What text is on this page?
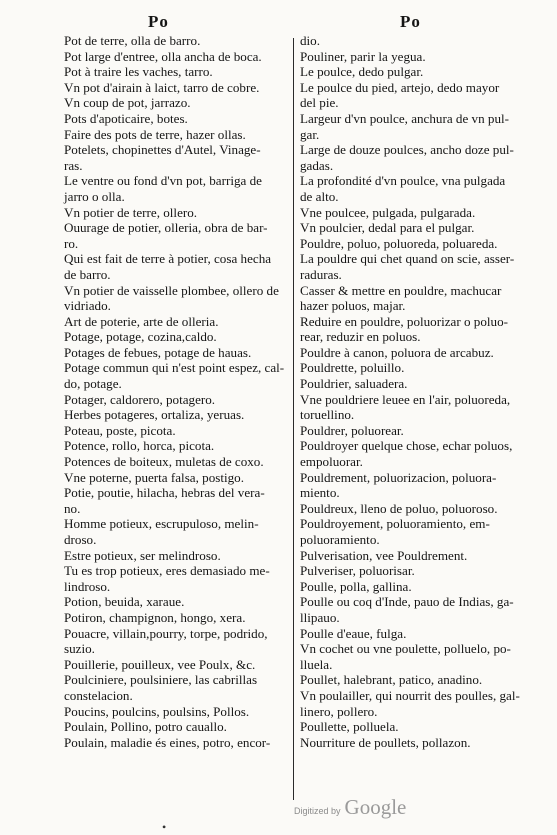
Po	Po
Pot de terre, olla de barro.
Pot large d'entree, olla ancha de boca.
Pot à traire les vaches, tarro.
Vn pot d'airain à laict, tarro de cobre.
Vn coup de pot, jarrazo.
Pots d'apoticaire, botes.
Faire des pots de terre, hazer ollas.
Potelets, chopinettes d'Autel, Vinage-
ras.
Le ventre ou fond d'vn pot, barriga de
jarro o olla.
Vn potier de terre, ollero.
Ouurage de potier, olleria, obra de bar-
ro.
Qui est fait de terre à potier, cosa hecha
de barro.
Vn potier de vaisselle plombee, ollero de
vidriado.
Art de poterie, arte de olleria.
Potage, potage, cozina,caldo.
Potages de febues, potage de hauas.
Potage commun qui n'est point espez, cal-
do, potage.
Potager, caldorero, potagero.
Herbes potageres, ortaliza, yeruas.
Poteau, poste, picota.
Potence, rollo, horca, picota.
Potences de boiteux, muletas de coxo.
Vne poterne, puerta falsa, postigo.
Potie, poutie, hilacha, hebras del vera-
no.
Homme potieux, escrupuloso, melin-
droso.
Estre potieux, ser melindroso.
Tu es trop potieux, eres demasiado me-
lindroso.
Potion, beuida, xaraue.
Potiron, champignon, hongo, xera.
Pouacre, villain,pourry, torpe, podrido,
suzio.
Pouillerie, pouilleux, vee Poulx, &c.
Poulciniere, poulsiniere, las cabrillas
constelacion.
Poucins, poulcins, poulsins, Pollos.
Poulain, Pollino, potro cauallo.
Poulain, maladie és eines, potro, encor-
dio.
Pouliner, parir la yegua.
Le poulce, dedo pulgar.
Le poulce du pied, artejo, dedo mayor
del pie.
Largeur d'vn poulce, anchura de vn pul-
gar.
Large de douze poulces, ancho doze pul-
gadas.
La profondité d'vn poulce, vna pulgada
de alto.
Vne poulcee, pulgada, pulgarada.
Vn poulcier, dedal para el pulgar.
Pouldre, poluo, poluoreda, poluareda.
La pouldre qui chet quand on scie, asser-
raduras.
Casser & mettre en pouldre, machucar
hazer poluos, majar.
Reduire en pouldre, poluorizar o poluo-
rear, reduzir en poluos.
Pouldre à canon, poluora de arcabuz.
Pouldrette, poluillo.
Pouldrier, saluadera.
Vne pouldriere leuee en l'air, poluoreda,
toruellino.
Pouldrer, poluorear.
Pouldroyer quelque chose, echar poluos,
empoluorar.
Pouldrement, poluorizacion, poluora-
miento.
Pouldreux, lleno de poluo, poluoroso.
Pouldroyement, poluoramiento, em-
poluoramiento.
Pulverisation, vee Pouldrement.
Pulveriser, poluorisar.
Poulle, polla, gallina.
Poulle ou coq d'Inde, pauo de Indias, ga-
llipauo.
Poulle d'eaue, fulga.
Vn cochet ou vne poulette, polluelo, po-
lluela.
Poullet, halebrant, patico, anadino.
Vn poulailler, qui nourrit des poulles, gal-
linero, pollero.
Poullette, polluela.
Nourriture de poullets, pollazon.
Digitized by Google
•
